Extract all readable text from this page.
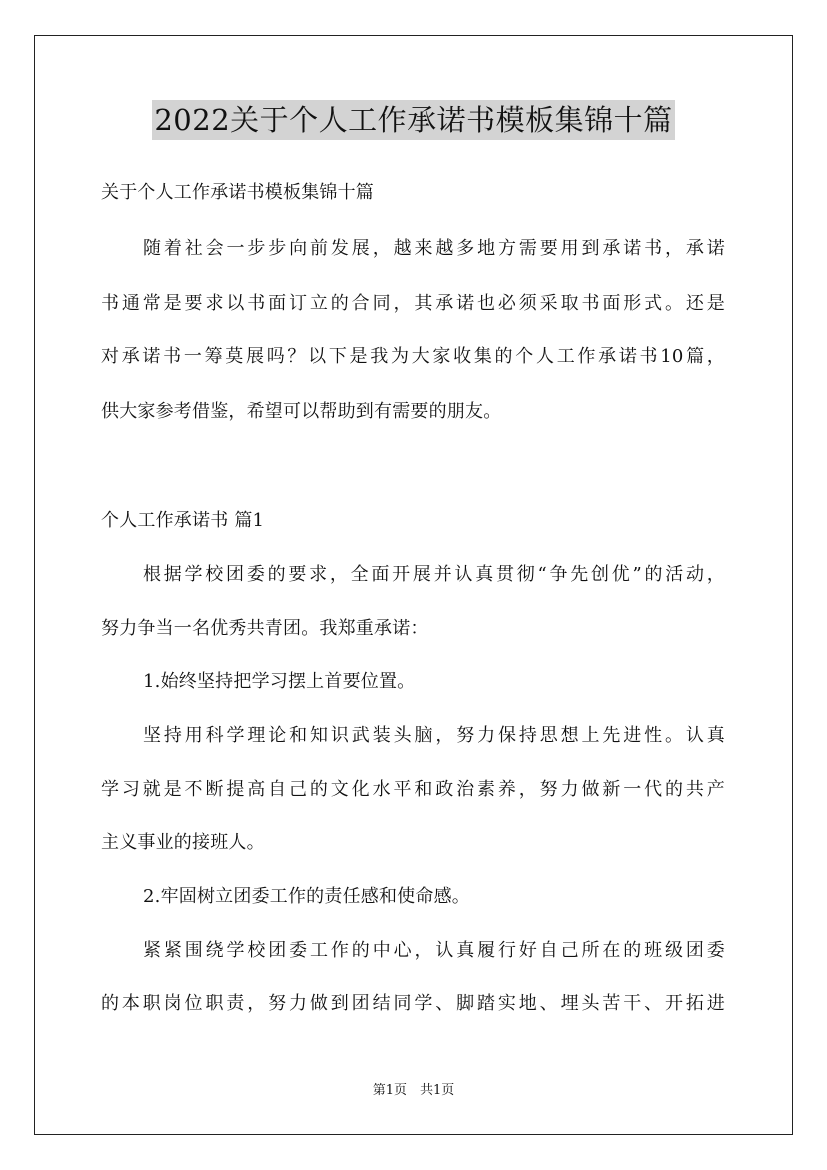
2022关于个人工作承诺书模板集锦十篇
关于个人工作承诺书模板集锦十篇
随着社会一步步向前发展，越来越多地方需要用到承诺书，承诺
书通常是要求以书面订立的合同，其承诺也必须采取书面形式。还是
对承诺书一筹莫展吗？以下是我为大家收集的个人工作承诺书10篇，
供大家参考借鉴，希望可以帮助到有需要的朋友。
个人工作承诺书 篇1
根据学校团委的要求，全面开展并认真贯彻“争先创优”的活动，
努力争当一名优秀共青团。我郑重承诺：
1.始终坚持把学习摆上首要位置。
坚持用科学理论和知识武装头脑，努力保持思想上先进性。认真
学习就是不断提高自己的文化水平和政治素养，努力做新一代的共产
主义事业的接班人。
2.牢固树立团委工作的责任感和使命感。
紧紧围绕学校团委工作的中心，认真履行好自己所在的班级团委
的本职岗位职责，努力做到团结同学、脚踏实地、埋头苦干、开拓进
第1页　共1页
